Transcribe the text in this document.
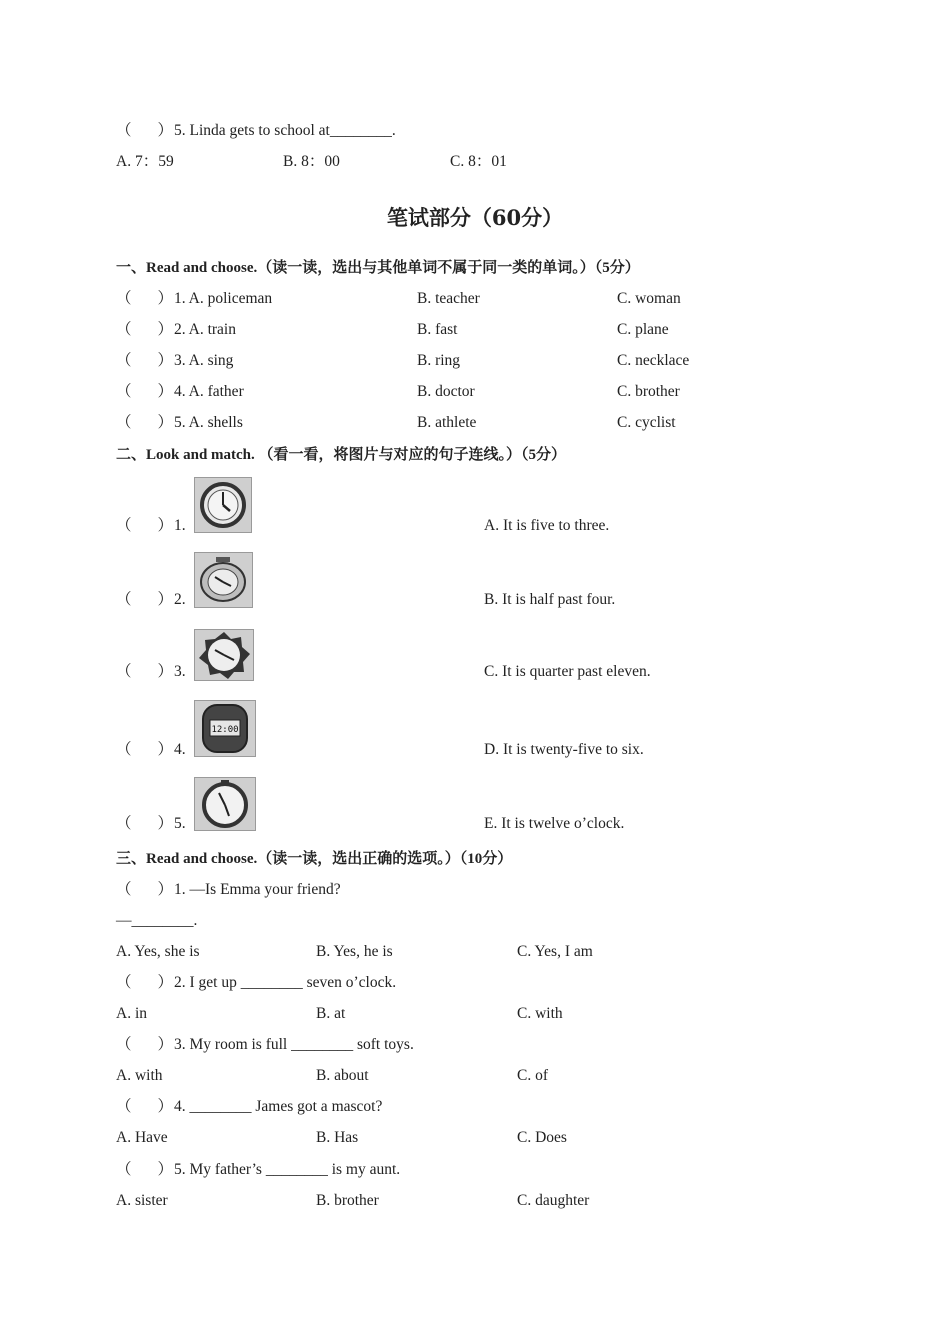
（ ）5. Linda gets to school at________.
A. 7：59	B. 8：00	C. 8：01
笔试部分（60分）
一、Read and choose.（读一读，选出与其他单词不属于同一类的单词。）（5分）
二、Look and match. （看一看，将图片与对应的句子连线。）（5分）
12:00
三、Read and choose.（读一读，选出正确的选项。）（10分）
（ ）1. A. policeman	B. teacher	C. woman
（ ）2. A. train	B. fast	C. plane
（ ）3. A. sing	B. ring	C. necklace
（ ）4. A. father	B. doctor	C. brother
（ ）5. A. shells	B. athlete	C. cyclist
（ ）1.	A. It is five to three.
（ ）2.	B. It is half past four.
（ ）3.	C. It is quarter past eleven.
（ ）4.	D. It is twenty-five to six.
（ ）5.	E. It is twelve o’clock.
（ ）1. —Is Emma your friend?
—________.
A. Yes, she is	B. Yes, he is	C. Yes, I am
（ ）2. I get up ________ seven o’clock.
A. in	B. at	C. with
（ ）3. My room is full ________ soft toys.
A. with	B. about	C. of
（ ）4. ________ James got a mascot?
A. Have	B. Has	C. Does
（ ）5. My father’s ________ is my aunt.
A. sister	B. brother	C. daughter
